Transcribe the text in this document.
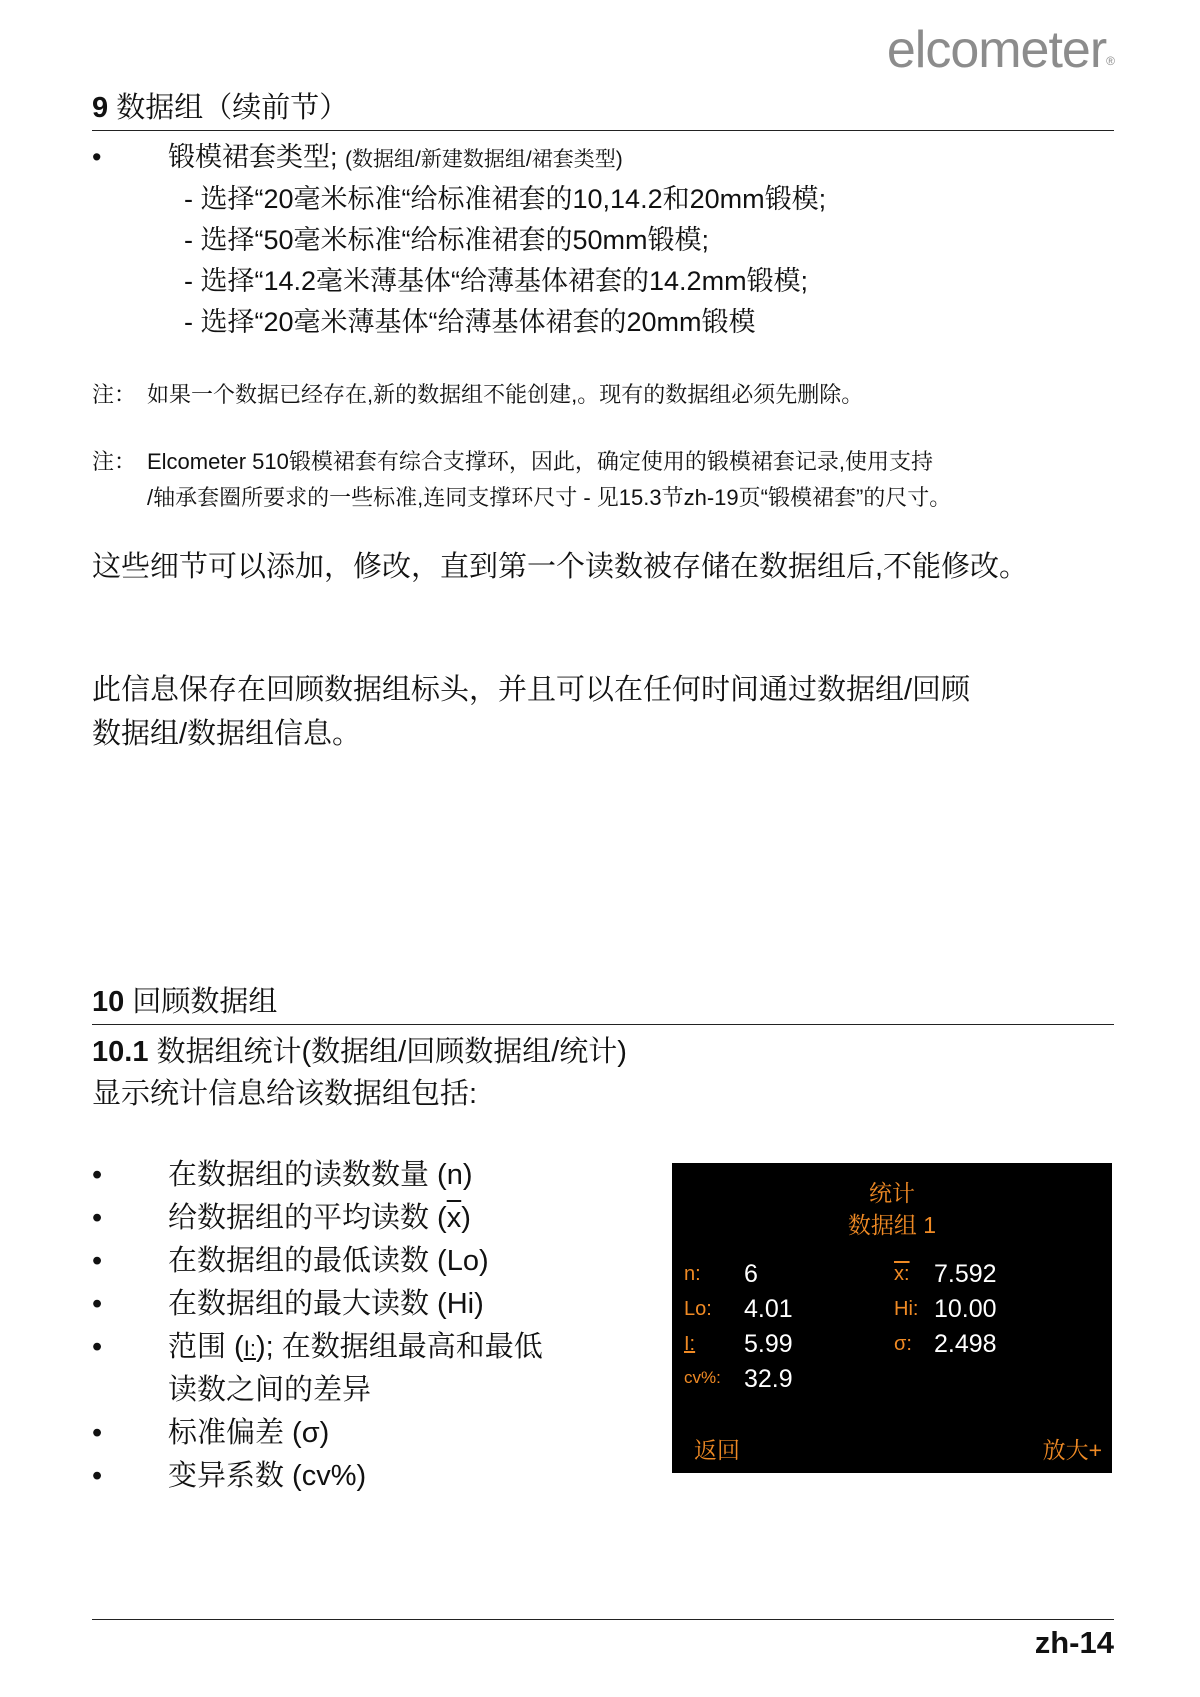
elcometer®
9 数据组（续前节）
•	锻模裙套类型; (数据组/新建数据组/裙套类型)
- 选择“20毫米标准“给标准裙套的10,14.2和20mm锻模;
- 选择“50毫米标准“给标准裙套的50mm锻模;
- 选择“14.2毫米薄基体“给薄基体裙套的14.2mm锻模;
- 选择“20毫米薄基体“给薄基体裙套的20mm锻模
注： 如果一个数据已经存在,新的数据组不能创建,。现有的数据组必须先删除。
注： Elcometer 510锻模裙套有综合支撑环，因此，确定使用的锻模裙套记录,使用支持
/轴承套圈所要求的一些标准,连同支撑环尺寸 - 见15.3节zh-19页“锻模裙套”的尺寸。
这些细节可以添加，修改，直到第一个读数被存储在数据组后,不能修改。
此信息保存在回顾数据组标头，并且可以在任何时间通过数据组/回顾
数据组/数据组信息。
10 回顾数据组
10.1 数据组统计(数据组/回顾数据组/统计)
显示统计信息给该数据组包括:
• 在数据组的读数数量 (n)
• 给数据组的平均读数 $(\overline{x})$
• 在数据组的最低读数 (Lo)
• 在数据组的最大读数 (Hi)
• 范围 (I:); 在数据组最高和最低
读数之间的差异
• 标准偏差 (σ)
• 变异系数 (cv%)
统计
数据组 1
n: 6
Lo: 4.01
I: 5.99
cv%: 32.9
x: 7.592
Hi: 10.00
σ: 2.498
返回	放大+
zh-14
